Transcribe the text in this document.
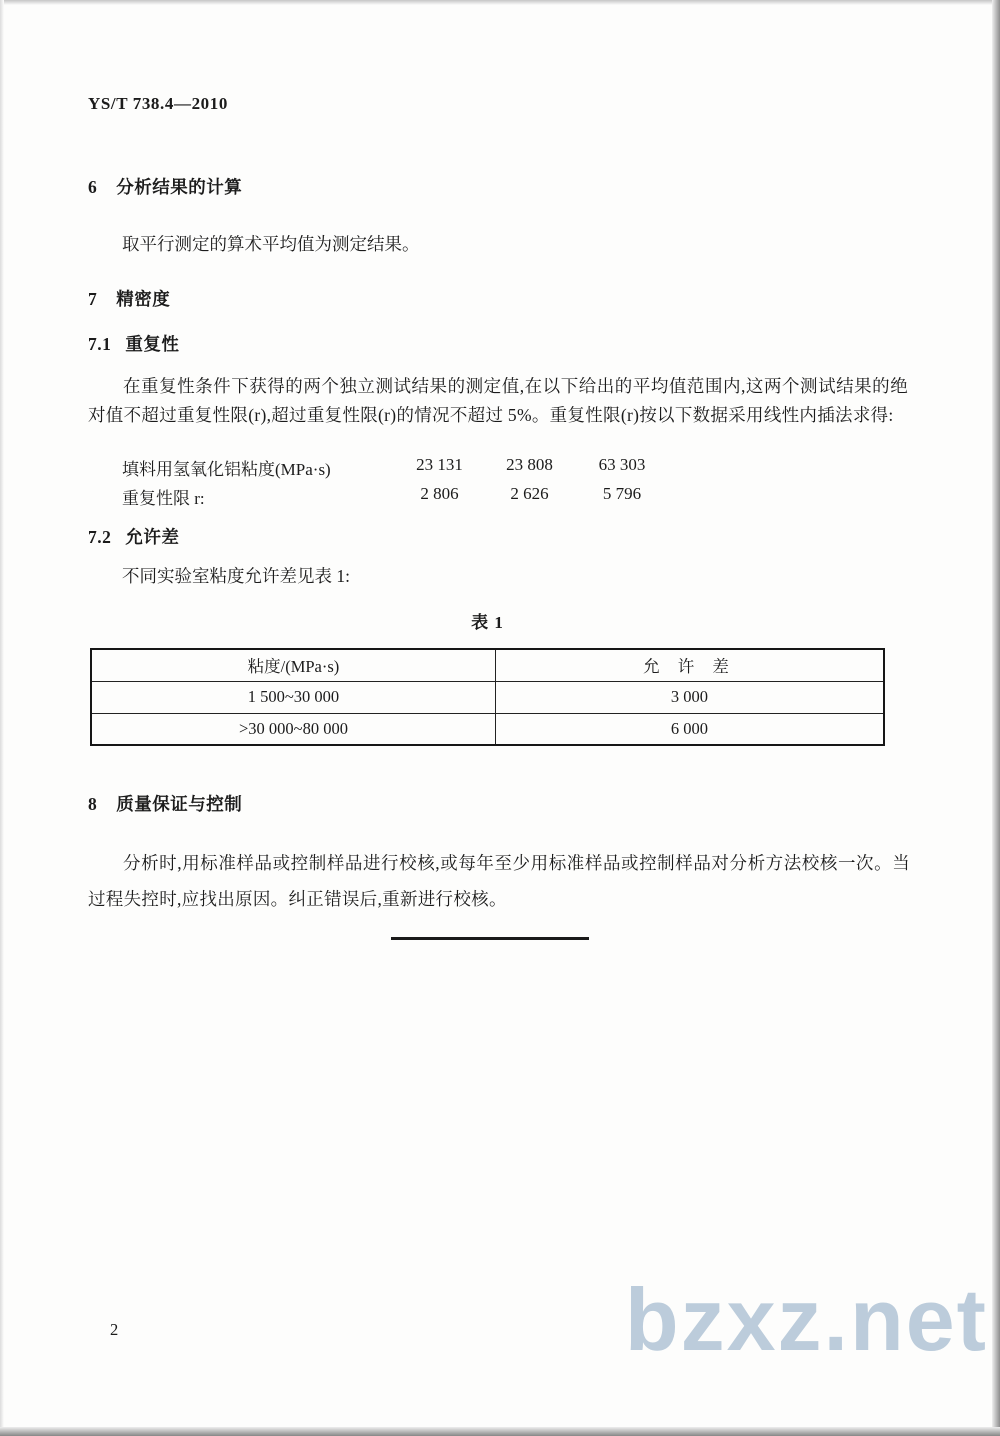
YS/T 738.4—2010
6 分析结果的计算
取平行测定的算术平均值为测定结果。
7 精密度
7.1 重复性

在重复性条件下获得的两个独立测试结果的测定值,在以下给出的平均值范围内,这两个测试结果的绝对值不超过重复性限(r),超过重复性限(r)的情况不超过 5%。重复性限(r)按以下数据采用线性内插法求得:

填料用氢氧化铝粘度(MPa·s)	23 131	23 808	63 303
重复性限 r:	2 806	2 626	5 796
7.2 允许差
不同实验室粘度允许差见表 1:
表 1
粘度/(MPa·s)	允 许 差
1 500~30 000	3 000
>30 000~80 000	6 000
8 质量保证与控制

分析时,用标准样品或控制样品进行校核,或每年至少用标准样品或控制样品对分析方法校核一次。当过程失控时,应找出原因。纠正错误后,重新进行校核。

2	bzxz.net
